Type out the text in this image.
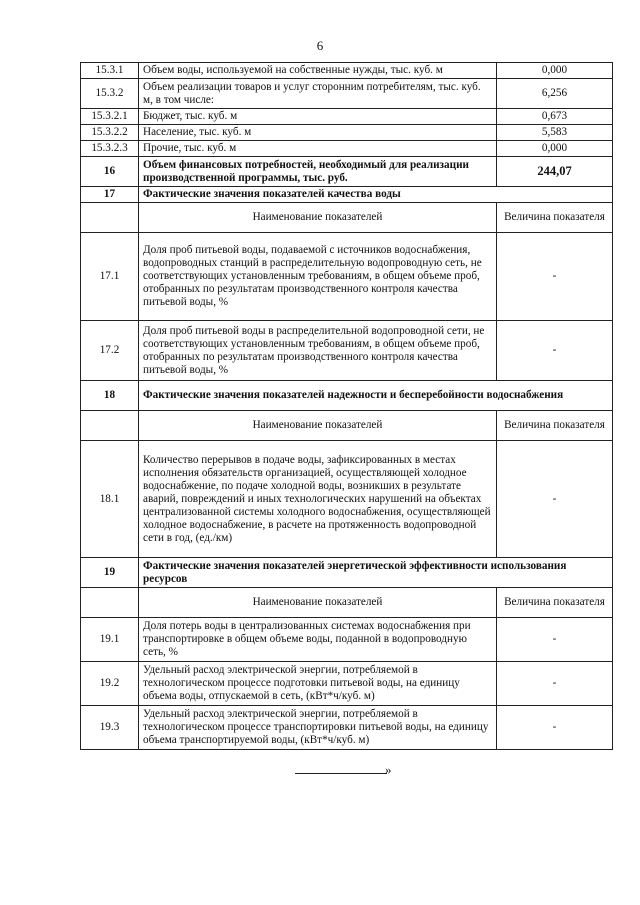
6
15.3.1	Объем воды, используемой на собственные нужды, тыс. куб. м	0,000
15.3.2	Объем реализации товаров и услуг сторонним потребителям, тыс. куб. м, в том числе:	6,256
15.3.2.1	Бюджет, тыс. куб. м	0,673
15.3.2.2	Население, тыс. куб. м	5,583
15.3.2.3	Прочие, тыс. куб. м	0,000
16	Объем финансовых потребностей, необходимый для реализации производственной программы, тыс. руб.	244,07
17	Фактические значения показателей качества воды	
	Наименование показателей	Величина показателя
17.1	Доля проб питьевой воды, подаваемой с источников водоснабжения, водопроводных станций в распределительную водопроводную сеть, не соответствующих установленным требованиям, в общем объеме проб, отобранных по результатам производственного контроля качества питьевой воды, %	-
17.2	Доля проб питьевой воды в распределительной водопроводной сети, не соответствующих установленным требованиям, в общем объеме проб, отобранных по результатам производственного контроля качества питьевой воды, %	-
18	Фактические значения показателей надежности и бесперебойности водоснабжения	
	Наименование показателей	Величина показателя
18.1	Количество перерывов в подаче воды, зафиксированных в местах исполнения обязательств организацией, осуществляющей холодное водоснабжение, по подаче холодной воды, возникших в результате аварий, повреждений и иных технологических нарушений на объектах централизованной системы холодного водоснабжения, осуществляющей холодное водоснабжение, в расчете на протяженность водопроводной сети в год, (ед./км)	-
19	Фактические значения показателей энергетической эффективности использования ресурсов	
	Наименование показателей	Величина показателя
19.1	Доля потерь воды в централизованных системах водоснабжения при транспортировке в общем объеме воды, поданной в водопроводную сеть, %	-
19.2	Удельный расход электрической энергии, потребляемой в технологическом процессе подготовки питьевой воды, на единицу объема воды, отпускаемой в сеть, (кВт*ч/куб. м)	-
19.3	Удельный расход электрической энергии, потребляемой в технологическом процессе транспортировки питьевой воды, на единицу объема транспортируемой воды, (кВт*ч/куб. м)	-
»
